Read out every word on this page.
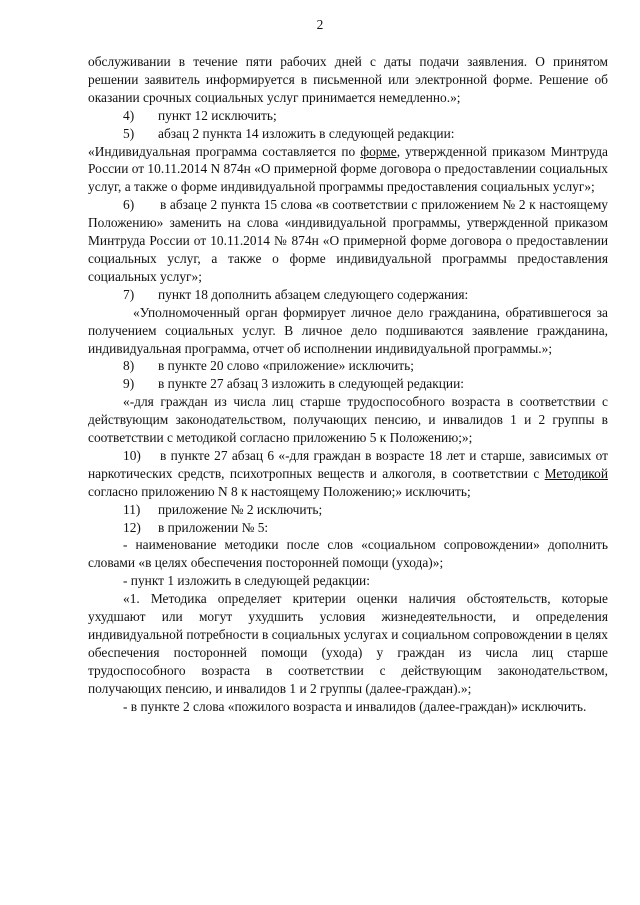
2

обслуживании в течение пяти рабочих дней с даты подачи заявления. О принятом решении заявитель информируется в письменной или электронной форме. Решение об оказании срочных социальных услуг принимается немедленно.»;

4)	пункт 12 исключить;

5)	абзац 2 пункта 14 изложить в следующей редакции:

«Индивидуальная программа составляется по форме, утвержденной приказом Минтруда России от 10.11.2014 N 874н «О примерной форме договора о предоставлении социальных услуг, а также о форме индивидуальной программы предоставления социальных услуг»;

6) в абзаце 2 пункта 15 слова «в соответствии с приложением № 2 к настоящему Положению» заменить на слова «индивидуальной программы, утвержденной приказом Минтруда России от 10.11.2014 № 874н «О примерной форме договора о предоставлении социальных услуг, а также о форме индивидуальной программы предоставления социальных услуг»;

7)	пункт 18 дополнить абзацем следующего содержания:

«Уполномоченный орган формирует личное дело гражданина, обратившегося за получением социальных услуг. В личное дело подшиваются заявление гражданина, индивидуальная программа, отчет об исполнении индивидуальной программы.»;

8)	в пункте 20 слово «приложение» исключить;

9)	в пункте 27 абзац 3 изложить в следующей редакции:

«-для граждан из числа лиц старше трудоспособного возраста в соответствии с действующим законодательством, получающих пенсию, и инвалидов 1 и 2 группы в соответствии с методикой согласно приложению 5 к Положению;»;

10) в пункте 27 абзац 6 «-для граждан в возрасте 18 лет и старше, зависимых от наркотических средств, психотропных веществ и алкоголя, в соответствии с Методикой согласно приложению N 8 к настоящему Положению;» исключить;

11)	приложение № 2 исключить;

12)	в приложении № 5:

- наименование методики после слов «социальном сопровождении» дополнить словами «в целях обеспечения посторонней помощи (ухода)»;

- пункт 1 изложить в следующей редакции:

«1. Методика определяет критерии оценки наличия обстоятельств, которые ухудшают или могут ухудшить условия жизнедеятельности, и определения индивидуальной потребности в социальных услугах и социальном сопровождении в целях обеспечения посторонней помощи (ухода) у граждан из числа лиц старше трудоспособного возраста в соответствии с действующим законодательством, получающих пенсию, и инвалидов 1 и 2 группы (далее-граждан).»;

- в пункте 2 слова «пожилого возраста и инвалидов (далее-граждан)» исключить.
